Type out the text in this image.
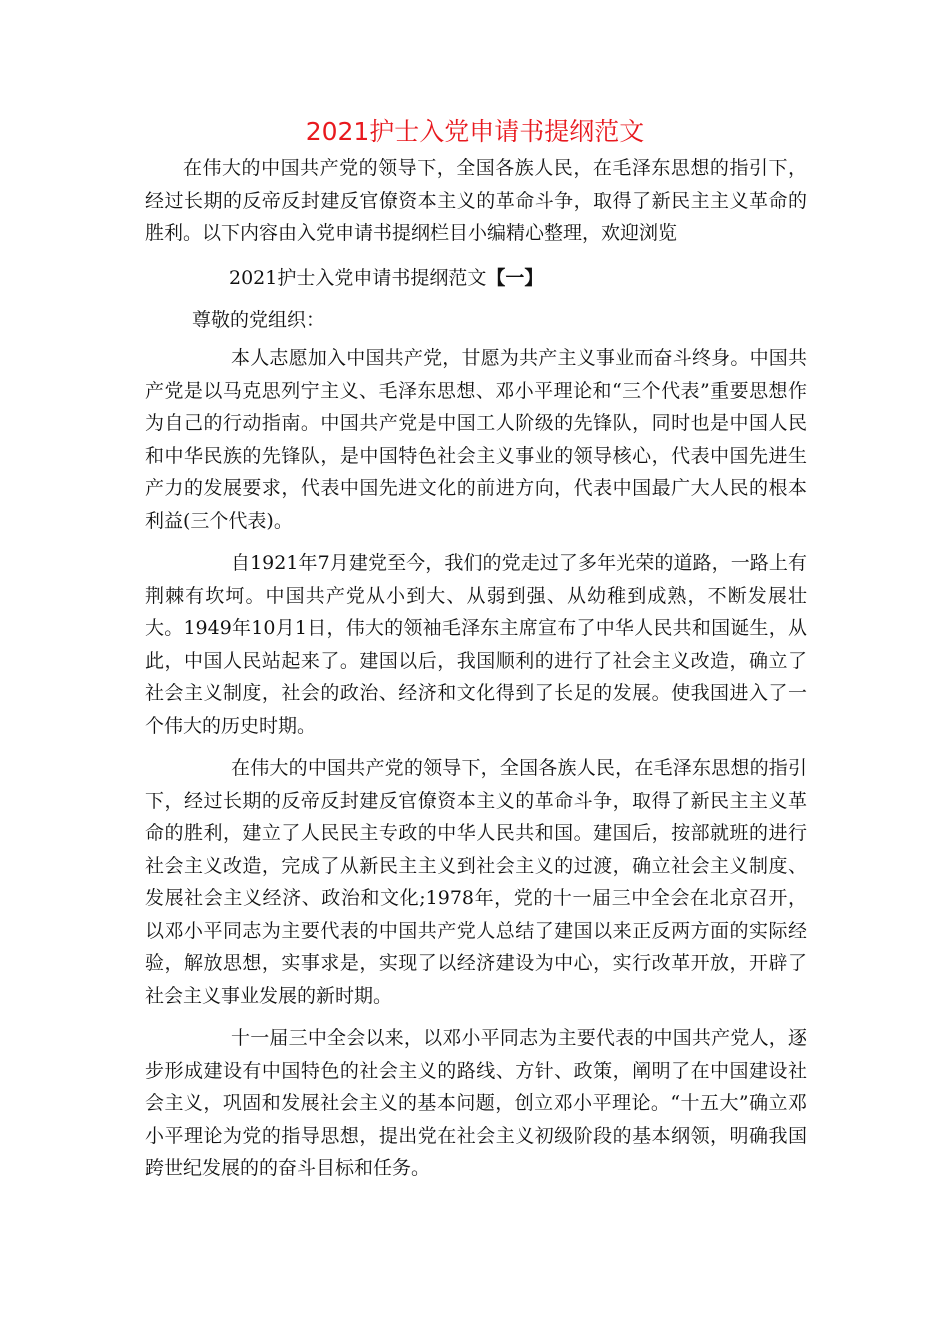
2021护士入党申请书提纲范文

在伟大的中国共产党的领导下，全国各族人民，在毛泽东思想的指引下，经过长期的反帝反封建反官僚资本主义的革命斗争，取得了新民主主义革命的胜利。以下内容由入党申请书提纲栏目小编精心整理，欢迎浏览

2021护士入党申请书提纲范文【一】

尊敬的党组织：

本人志愿加入中国共产党，甘愿为共产主义事业而奋斗终身。中国共产党是以马克思列宁主义、毛泽东思想、邓小平理论和“三个代表”重要思想作为自己的行动指南。中国共产党是中国工人阶级的先锋队，同时也是中国人民和中华民族的先锋队，是中国特色社会主义事业的领导核心，代表中国先进生产力的发展要求，代表中国先进文化的前进方向，代表中国最广大人民的根本利益(三个代表)。

自1921年7月建党至今，我们的党走过了多年光荣的道路，一路上有荆棘有坎坷。中国共产党从小到大、从弱到强、从幼稚到成熟，不断发展壮大。1949年10月1日，伟大的领袖毛泽东主席宣布了中华人民共和国诞生，从此，中国人民站起来了。建国以后，我国顺利的进行了社会主义改造，确立了社会主义制度，社会的政治、经济和文化得到了长足的发展。使我国进入了一个伟大的历史时期。

在伟大的中国共产党的领导下，全国各族人民，在毛泽东思想的指引下，经过长期的反帝反封建反官僚资本主义的革命斗争，取得了新民主主义革命的胜利，建立了人民民主专政的中华人民共和国。建国后，按部就班的进行社会主义改造，完成了从新民主主义到社会主义的过渡，确立社会主义制度、发展社会主义经济、政治和文化;1978年，党的十一届三中全会在北京召开，以邓小平同志为主要代表的中国共产党人总结了建国以来正反两方面的实际经验，解放思想，实事求是，实现了以经济建设为中心，实行改革开放，开辟了社会主义事业发展的新时期。

十一届三中全会以来，以邓小平同志为主要代表的中国共产党人，逐步形成建设有中国特色的社会主义的路线、方针、政策，阐明了在中国建设社会主义，巩固和发展社会主义的基本问题，创立邓小平理论。“十五大”确立邓小平理论为党的指导思想，提出党在社会主义初级阶段的基本纲领，明确我国跨世纪发展的的奋斗目标和任务。
